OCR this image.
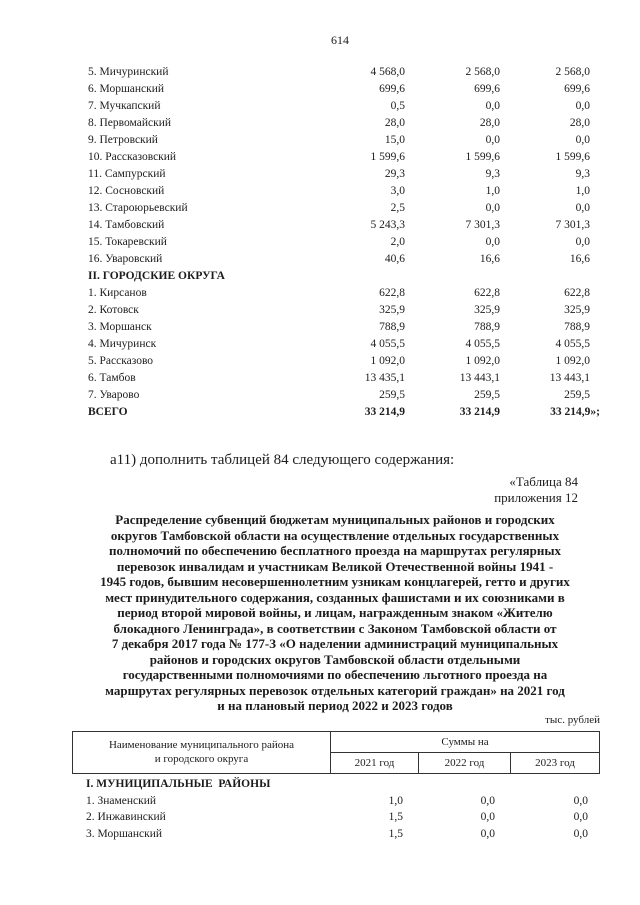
614
5. Мичуринский	4 568,0	2 568,0	2 568,0
6. Моршанский	699,6	699,6	699,6
7. Мучкапский	0,5	0,0	0,0
8. Первомайский	28,0	28,0	28,0
9. Петровский	15,0	0,0	0,0
10. Рассказовский	1 599,6	1 599,6	1 599,6
11. Сампурский	29,3	9,3	9,3
12. Сосновский	3,0	1,0	1,0
13. Староюрьевский	2,5	0,0	0,0
14. Тамбовский	5 243,3	7 301,3	7 301,3
15. Токаревский	2,0	0,0	0,0
16. Уваровский	40,6	16,6	16,6
II. ГОРОДСКИЕ ОКРУГА
1. Кирсанов	622,8	622,8	622,8
2. Котовск	325,9	325,9	325,9
3. Моршанск	788,9	788,9	788,9
4. Мичуринск	4 055,5	4 055,5	4 055,5
5. Рассказово	1 092,0	1 092,0	1 092,0
6. Тамбов	13 435,1	13 443,1	13 443,1
7. Уварово	259,5	259,5	259,5
ВСЕГО	33 214,9	33 214,9	33 214,9»;
а11) дополнить таблицей 84 следующего содержания:
«Таблица 84
приложения 12
Распределение субвенций бюджетам муниципальных районов и городских
округов Тамбовской области на осуществление отдельных государственных
полномочий по обеспечению бесплатного проезда на маршрутах регулярных
перевозок инвалидам и участникам Великой Отечественной войны 1941 -
1945 годов, бывшим несовершеннолетним узникам концлагерей, гетто и других
мест принудительного содержания, созданных фашистами и их союзниками в
период второй мировой войны, и лицам, награжденным знаком «Жителю
блокадного Ленинграда», в соответствии с Законом Тамбовской области от
7 декабря 2017 года № 177-З «О наделении администраций муниципальных
районов и городских округов Тамбовской области отдельными
государственными полномочиями по обеспечению льготного проезда на
маршрутах регулярных перевозок отдельных категорий граждан» на 2021 год
и на плановый период 2022 и 2023 годов
тыс. рублей
Наименование муниципального района
и городского округа
Суммы на
2021 год	2022 год	2023 год
I. МУНИЦИПАЛЬНЫЕ  РАЙОНЫ
1. Знаменский	1,0	0,0	0,0
2. Инжавинский	1,5	0,0	0,0
3. Моршанский	1,5	0,0	0,0
